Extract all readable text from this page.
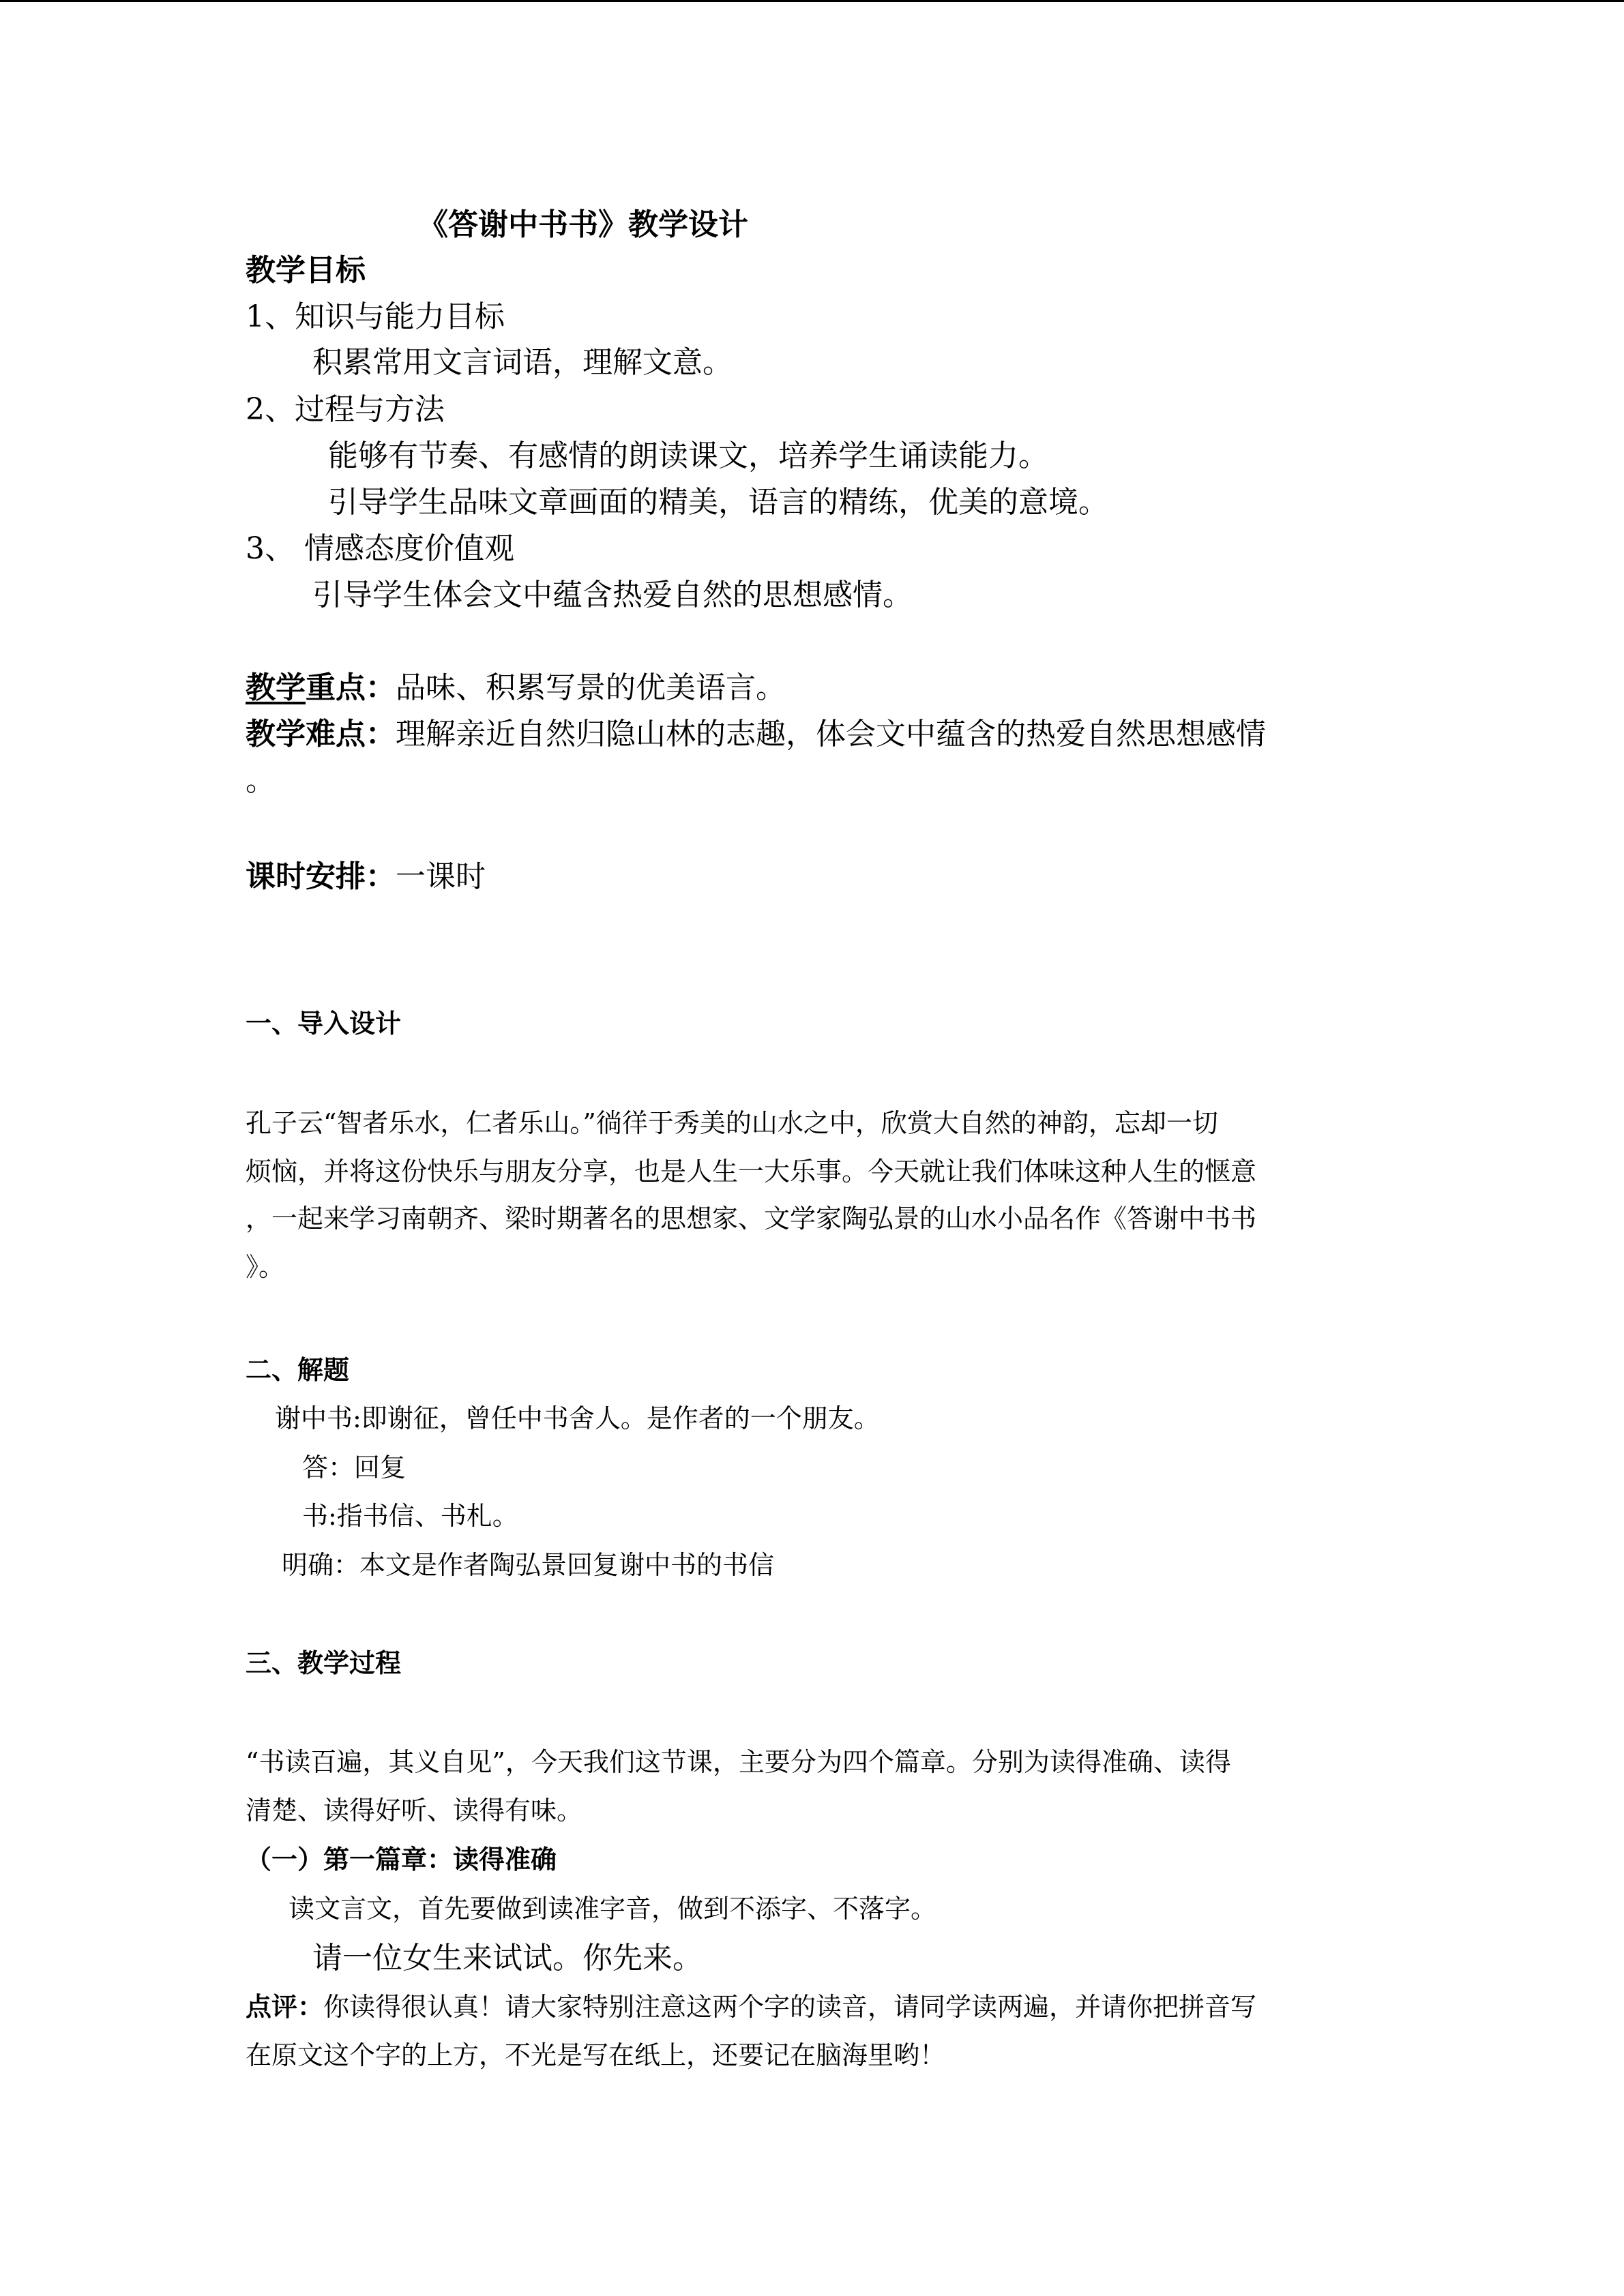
《答谢中书书》教学设计
教学目标
1、知识与能力目标
积累常用文言词语，理解文意。
2、过程与方法
能够有节奏、有感情的朗读课文，培养学生诵读能力。
引导学生品味文章画面的精美，语言的精练，优美的意境。
3、 情感态度价值观
引导学生体会文中蕴含热爱自然的思想感情。
教学重点：品味、积累写景的优美语言。
教学难点：理解亲近自然归隐山林的志趣，体会文中蕴含的热爱自然思想感情
。
课时安排：一课时
一、导入设计
孔子云“智者乐水，仁者乐山。”徜徉于秀美的山水之中，欣赏大自然的神韵，忘却一切
烦恼，并将这份快乐与朋友分享，也是人生一大乐事。今天就让我们体味这种人生的惬意
，一起来学习南朝齐、梁时期著名的思想家、文学家陶弘景的山水小品名作《答谢中书书
》。
二、解题
谢中书:即谢征，曾任中书舍人。是作者的一个朋友。
答：回复
书:指书信、书札。
明确：本文是作者陶弘景回复谢中书的书信
三、教学过程
“书读百遍，其义自见”，今天我们这节课，主要分为四个篇章。分别为读得准确、读得
清楚、读得好听、读得有味。
（一）第一篇章：读得准确
读文言文，首先要做到读准字音，做到不添字、不落字。
请一位女生来试试。你先来。
点评：你读得很认真！请大家特别注意这两个字的读音，请同学读两遍，并请你把拼音写
在原文这个字的上方，不光是写在纸上，还要记在脑海里哟！
